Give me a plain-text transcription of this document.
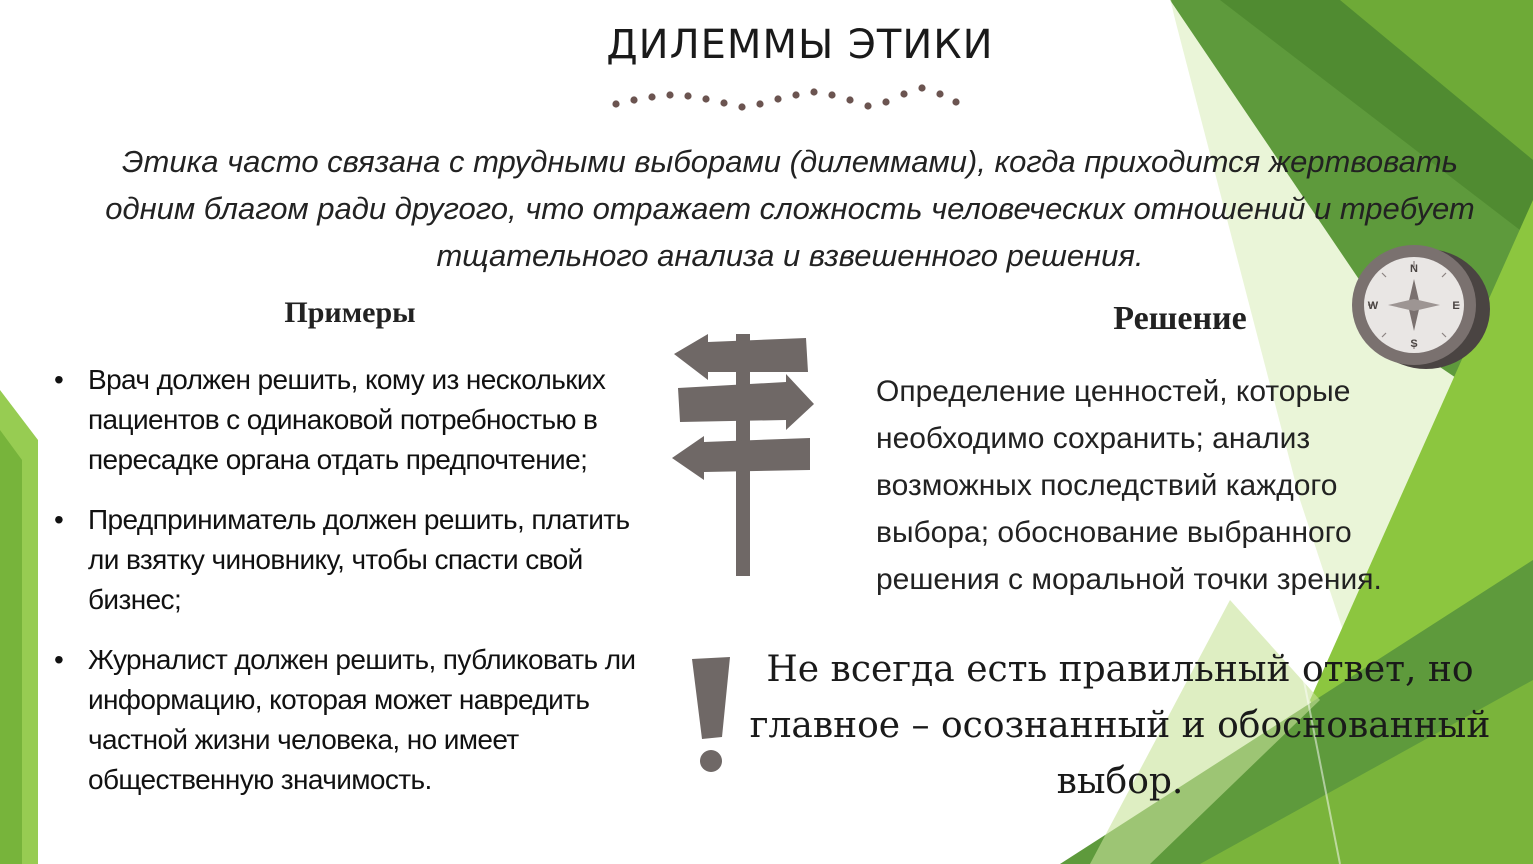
ДИЛЕММЫ ЭТИКИ
Этика часто связана с трудными выборами (дилеммами), когда приходится жертвовать одним благом ради другого, что отражает сложность человеческих отношений и требует тщательного анализа и взвешенного решения.
Примеры
• Врач должен решить, кому из нескольких пациентов с одинаковой потребностью в пересадке органа отдать предпочтение;
• Предприниматель должен решить, платить ли взятку чиновнику, чтобы спасти свой бизнес;
• Журналист должен решить, публиковать ли информацию, которая может навредить частной жизни человека, но имеет общественную значимость.
Решение
Определение ценностей, которые необходимо сохранить; анализ возможных последствий каждого выбора; обоснование выбранного решения с моральной точки зрения.
Не всегда есть правильный ответ, но главное – осознанный и обоснованный выбор.
N
S
E
W
